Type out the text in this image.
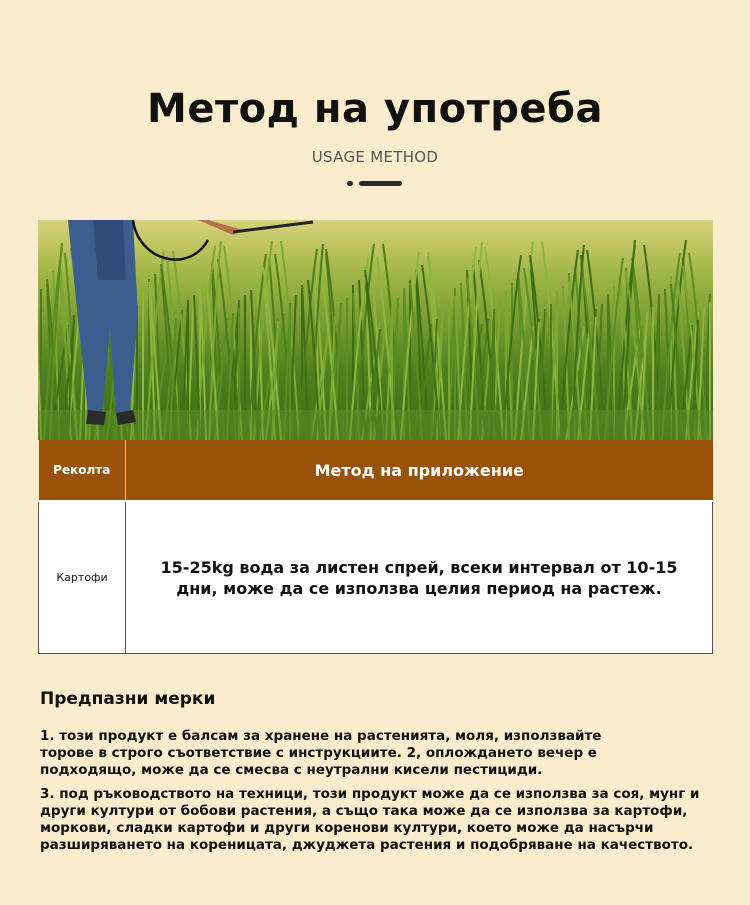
Метод на употреба
USAGE METHOD
Реколта	Метод на приложение
Картофи	15-25kg вода за листен спрей, всеки интервал от 10-15 дни, може да се използва целия период на растеж.
Предпазни мерки
1. този продукт е балсам за хранене на растенията, моля, използвайте торове в строго съответствие с инструкциите. 2, оплождането вечер е подходящо, може да се смесва с неутрални кисели пестициди.
3. под ръководството на техници, този продукт може да се използва за соя, мунг и други култури от бобови растения, а също така може да се използва за картофи, моркови, сладки картофи и други коренови култури, което може да насърчи разширяването на кореницата, джуджета растения и подобряване на качеството.
